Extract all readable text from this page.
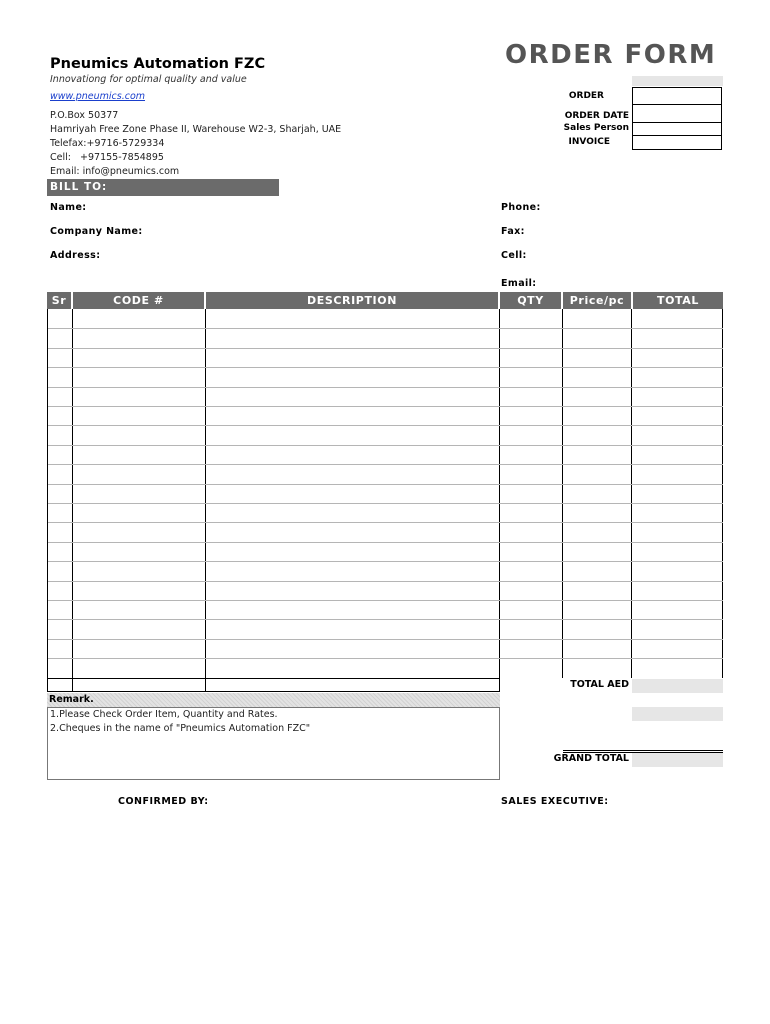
Pneumics Automation FZC
Innovationg for optimal quality and value
www.pneumics.com
P.O.Box 50377
Hamriyah Free Zone Phase II, Warehouse W2-3, Sharjah, UAE
Telefax:+9716-5729334
Cell:   +97155-7854895
Email: info@pneumics.com
ORDER FORM
ORDER
ORDER DATE
Sales Person
INVOICE
BILL TO:
Name:
Company Name:
Address:
Phone:
Fax:
Cell:
Email:
Sr	CODE #	DESCRIPTION	QTY	Price/pc	TOTAL
TOTAL AED
GRAND TOTAL
Remark.
1.Please Check Order Item, Quantity and Rates.
2.Cheques in the name of "Pneumics Automation FZC"
CONFIRMED BY:	SALES EXECUTIVE:
